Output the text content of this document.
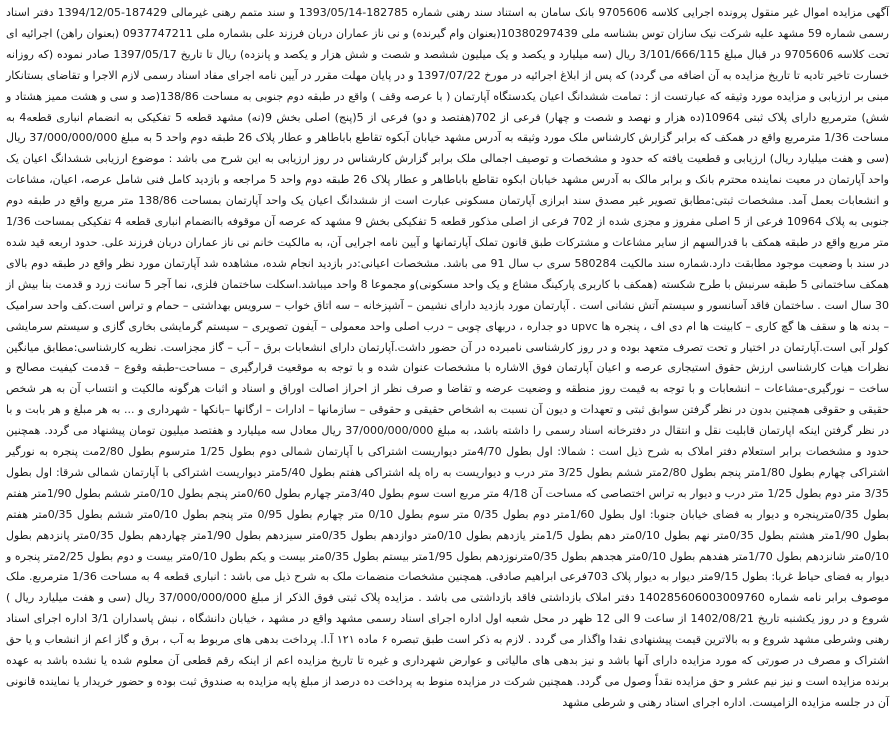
آگهی مزایده اموال غیر منقول پرونده اجرایی کلاسه 9705606 بانک سامان به استناد سند رهنی شماره 182785-1393/05/14 و سند متمم رهنی غیرمالی 187429-1394/12/05 دفتر اسناد رسمی شماره 59 مشهد علیه شرکت نیک سازان توس بشناسه ملی 10380297439(بعنوان وام گیرنده) و نی ناز عماران دربان فرزند علی بشماره ملی 0937747211 (بعنوان راهن) اجرائیه ای تحت کلاسه 9705606 در قبال مبلغ 3/101/666/115 ریال (سه میلیارد و یکصد و یک میلیون ششصد و شصت و شش هزار و یکصد و پانزده) ریال تا تاریخ 1397/05/17 صادر نموده (که روزانه خسارت تاخیر تادیه تا تاریخ مزایده به آن اضافه می گردد) که پس از ابلاغ اجرائیه در مورخ 1397/07/22 و در پایان مهلت مقرر در آیین نامه اجرای مفاد اسناد رسمی لازم الاجرا و تقاضای بستانکار مبنی بر ارزیابی و مزایده مورد وثیقه که عبارتست از : تمامت ششدانگ اعیان یکدستگاه آپارتمان ( با عرصه وقف ) واقع در طبقه دوم جنوبی به مساحت 138/86(صد و سی و هشت ممیز هشتاد و شش) مترمربع دارای پلاک ثبتی 10964(ده هزار و نهصد و شصت و چهار) فرعی از 702(هفتصد و دو) فرعی از 5(پنج) اصلی بخش 9(نه) مشهد قطعه 5 تفکیکی به انضمام انباری قطعه4 به مساحت 1/36 مترمربع واقع در همکف که برابر گزارش کارشناس ملک مورد وثیقه به آدرس مشهد خیابان آبکوه تقاطع باباطاهر و عطار پلاک 26 طبقه دوم واحد 5 به مبلغ 37/000/000/000 ریال (سی و هفت میلیارد ریال) ارزیابی و قطعیت یافته که حدود و مشخصات و توصیف اجمالی ملک برابر گزارش کارشناس در روز ارزیابی به این شرح می باشد : موضوع ارزیابی ششدانگ اعیان یک واحد آپارتمان در معیت نماینده محترم بانک و برابر مالک به آدرس مشهد خیابان ابکوه تقاطع باباطاهر و عطار پلاک 26 طبقه دوم واحد 5 مراجعه و بازدید کامل فنی شامل عرصه، اعیان، مشاعات و انشعابات بعمل آمد. مشخصات ثبتی:مطابق تصویر غیر مصدق سند ابرازی آپارتمان مسکونی عبارت است از ششدانگ اعیان یک واحد آپارتمان بمساحت 138/86 متر مربع واقع در طبقه دوم جنوبی به پلاک 10964 فرعی از 5 اصلی مفروز و مجزی شده از 702 فرعی از اصلی مذکور قطعه 5 تفکیکی بخش 9 مشهد که عرصه آن موقوفه باانضمام انباری قطعه 4 تفکیکی بمساحت 1/36 متر مربع واقع در طبقه همکف با قدرالسهم از سایر مشاعات و مشترکات طبق قانون تملک آپارتمانها و آیین نامه اجرایی آن، به مالکیت خانم نی ناز عماران دربان فرزند علی. حدود اربعه قید شده در سند با وضعیت موجود مطابقت دارد.شماره سند مالکیت 580284 سری ب سال 91 می باشد. مشخصات اعیانی:در بازدید انجام شده، مشاهده شد آپارتمان مورد نظر واقع در طبقه دوم بالای همکف ساختمانی 5 طبقه سرنبش با طرح شکسته (همکف با کاربری پارکینگ مشاع و یک واحد مسکونی)و مجموعا 8 واحد میباشد.اسکلت ساختمان فلزی، نما آجر 5 سانت زرد و قدمت بنا بیش از 30 سال است . ساختمان فاقد آسانسور و سیستم آتش نشانی است . آپارتمان مورد بازدید دارای نشیمن – آشپزخانه – سه اتاق خواب – سرویس بهداشتی – حمام و تراس است.کف واحد سرامیک – بدنه ها و سقف ها گچ کاری – کابینت ها ام دی اف ، پنجره ها upvc دو جداره ، دربهای چوبی – درب اصلی واحد معمولی – آیفون تصویری – سیستم گرمایشی بخاری گازی و سیستم سرمایشی کولر آبی است.آپارتمان در اختیار و تحت تصرف متعهد بوده و در روز کارشناسی نامبرده در آن حضور داشت.آپارتمان دارای انشعابات برق – آب – گاز مجزاست. نظریه کارشناسی:مطابق میانگین نظرات هیات کارشناسی ارزش حقوق استیجاری عرصه و اعیان آپارتمان فوق الاشاره با مشخصات عنوان شده و با توجه به موقعیت قرارگیری – مساحت-طبقه وقوع – قدمت کیفیت مصالح و ساخت – نورگیری-مشاعات – انشعابات و با توجه به قیمت روز منطقه و وضعیت عرضه و تقاضا و صرف نظر از احراز اصالت اوراق و اسناد و اثبات هرگونه مالکیت و انتساب آن به هر شخص حقیقی و حقوقی همچنین بدون در نظر گرفتن سوابق ثبتی و تعهدات و دیون آن نسبت به اشخاص حقیقی و حقوقی – سازمانها – ادارات – ارگانها –بانکها - شهرداری و ... به هر مبلغ و هر بابت و با در نظر گرفتن اینکه اپارتمان قابلیت نقل و انتقال در دفترخانه اسناد رسمی را داشته باشد، به مبلغ 37/000/000/000 ریال معادل سه میلیارد و هفتصد میلیون تومان پیشنهاد می گردد. همچنین حدود و مشخصات برابر استعلام دفتر املاک به شرح ذیل است : شمالا: اول بطول 4/70متر دیواریست اشتراکی با آپارتمان شمالی دوم بطول 1/25 مترسوم بطول 2/80مت پنجره به نورگیر اشتراکی چهارم بطول 1/80متر پنجم بطول 2/80متر ششم بطول 3/25 متر درب و دیواریست به راه پله اشتراکی هفتم بطول 5/40متر دیواریست اشتراکی با آپارتمان شمالی شرقا: اول بطول 3/35 متر دوم بطول 1/25 متر درب و دیوار به تراس اختصاصی که مساحت آن 4/18 متر مربع است سوم بطول 3/40متر چهارم بطول 0/60متر پنجم بطول 0/10متر ششم بطول 1/90متر هفتم بطول 0/35مترپنجره و دیوار به فضای خیابان جنوبا: اول بطول 1/60متر دوم بطول 0/35 متر سوم بطول 0/10 متر چهارم بطول 0/95 متر پنجم بطول 0/10متر ششم بطول 0/35متر هفتم بطول 1/90متر هشتم بطول 0/35متر نهم بطول 0/10متر دهم بطول 1/5متر یازدهم بطول 0/10متر دوازدهم بطول 0/35متر سیزدهم بطول 1/90متر چهاردهم بطول 0/35متر پانزدهم بطول 0/10متر شانزدهم بطول 1/70متر هفدهم بطول 0/10متر هجدهم بطول 0/35مترنوزدهم بطول 1/95متر بیستم بطول 0/35متر بیست و یکم بطول 0/10متر بیست و دوم بطول 2/25متر پنجره و دیوار به فضای حیاط غربا: بطول 9/15متر دیوار به دیوار پلاک 703فرعی ابراهیم صادقی. همچنین مشخصات منضمات ملک به شرح ذیل می باشد : انباری قطعه 4 به مساحت 1/36 مترمربع. ملک موصوف برابر نامه شماره 140285606003009760 دفتر املاک بازداشتی فاقد بازداشتی می باشد . مزایده پلاک ثبتی فوق الذکر از مبلغ 37/000/000/000 ریال (سی و هفت میلیارد ریال ) شروع و در روز یکشنبه تاریخ 1402/08/21 از ساعت 9 الی 12 ظهر در محل شعبه اول اداره اجرای اسناد رسمی مشهد واقع در مشهد ، خیابان دانشگاه ، نبش پاسداران 3/1 اداره اجرای اسناد رهنی وشرطی مشهد شروع و به بالاترین قیمت پیشنهادی نقدا واگذار می گردد . لازم به ذکر است طبق تبصره ۶ ماده ۱۲۱ آ.ا. پرداخت بدهی های مربوط به آب ، برق و گاز اعم از انشعاب و یا حق اشتراک و مصرف در صورتی که مورد مزایده دارای آنها باشد و نیز بدهی های مالیاتی و عوارض شهرداری و غیره تا تاریخ مزایده اعم از اینکه رقم قطعی آن معلوم شده یا نشده باشد به عهده برنده مزایده است و نیز نیم عشر و حق مزایده نقداً وصول می گردد. همچنین شرکت در مزایده منوط به پرداخت ده درصد از مبلغ پایه مزایده به صندوق ثبت بوده و حضور خریدار یا نماینده قانونی آن در جلسه مزایده الزامیست. اداره اجرای اسناد رهنی و شرطی مشهد
